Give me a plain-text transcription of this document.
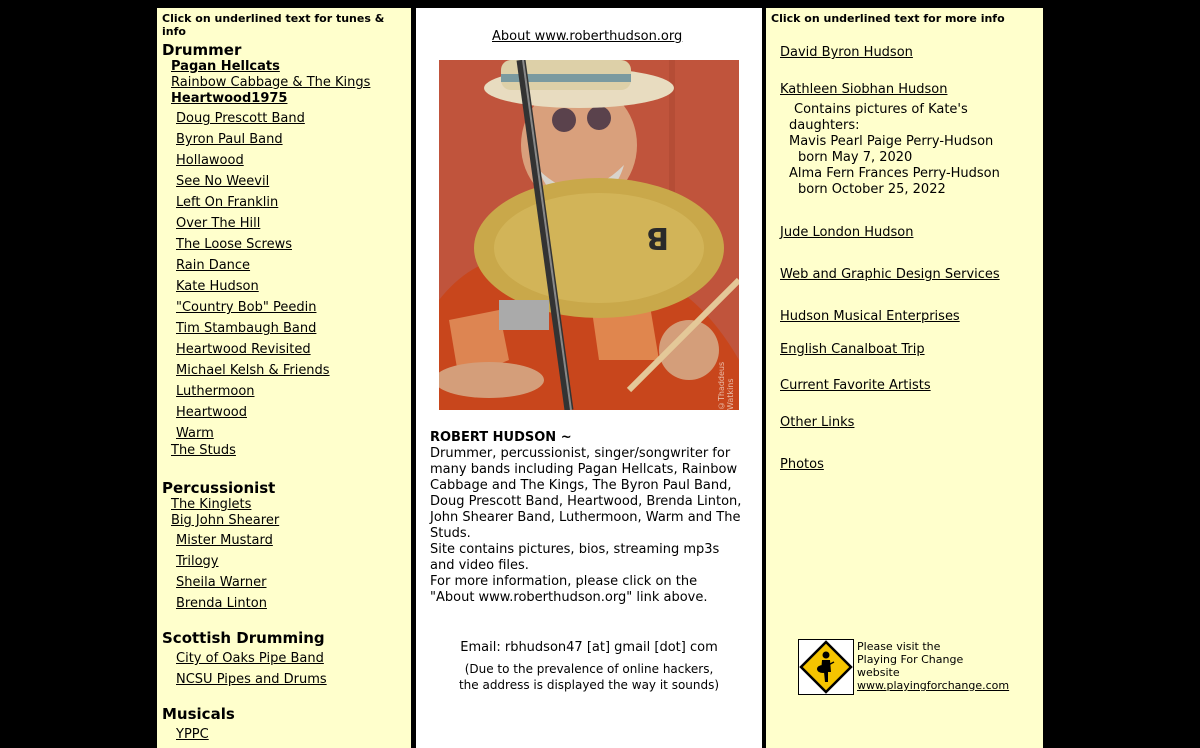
Click on underlined text for tunes & info
Drummer
Pagan Hellcats
Rainbow Cabbage & The Kings
Heartwood1975
Doug Prescott Band
Byron Paul Band
Hollawood
See No Weevil
Left On Franklin
Over The Hill
The Loose Screws
Rain Dance
Kate Hudson
"Country Bob" Peedin
Tim Stambaugh Band
Heartwood Revisited
Michael Kelsh & Friends
Luthermoon
Heartwood
Warm
The Studs
Percussionist
The Kinglets
Big John Shearer
Mister Mustard
Trilogy
Sheila Warner
Brenda Linton
Scottish Drumming
City of Oaks Pipe Band
NCSU Pipes and Drums
Musicals
YPPC
About www.roberthudson.org
B
©Thaddeus Watkins
ROBERT HUDSON ~
Drummer, percussionist, singer/songwriter for
many bands including Pagan Hellcats, Rainbow
Cabbage and The Kings, The Byron Paul Band,
Doug Prescott Band, Heartwood, Brenda Linton,
John Shearer Band, Luthermoon, Warm and The
Studs.
Site contains pictures, bios, streaming mp3s
and video files.
For more information, please click on the
"About www.roberthudson.org" link above.
Email: rbhudson47 [at] gmail [dot] com
(Due to the prevalence of online hackers,
the address is displayed the way it sounds)
Click on underlined text for more info
David Byron Hudson
Kathleen Siobhan Hudson
Contains pictures of Kate's
daughters:
Mavis Pearl Paige Perry-Hudson
born May 7, 2020
Alma Fern Frances Perry-Hudson
born October 25, 2022
Jude London Hudson
Web and Graphic Design Services
Hudson Musical Enterprises
English Canalboat Trip
Current Favorite Artists
Other Links
Photos
Please visit the
Playing For Change
website
www.playingforchange.com
